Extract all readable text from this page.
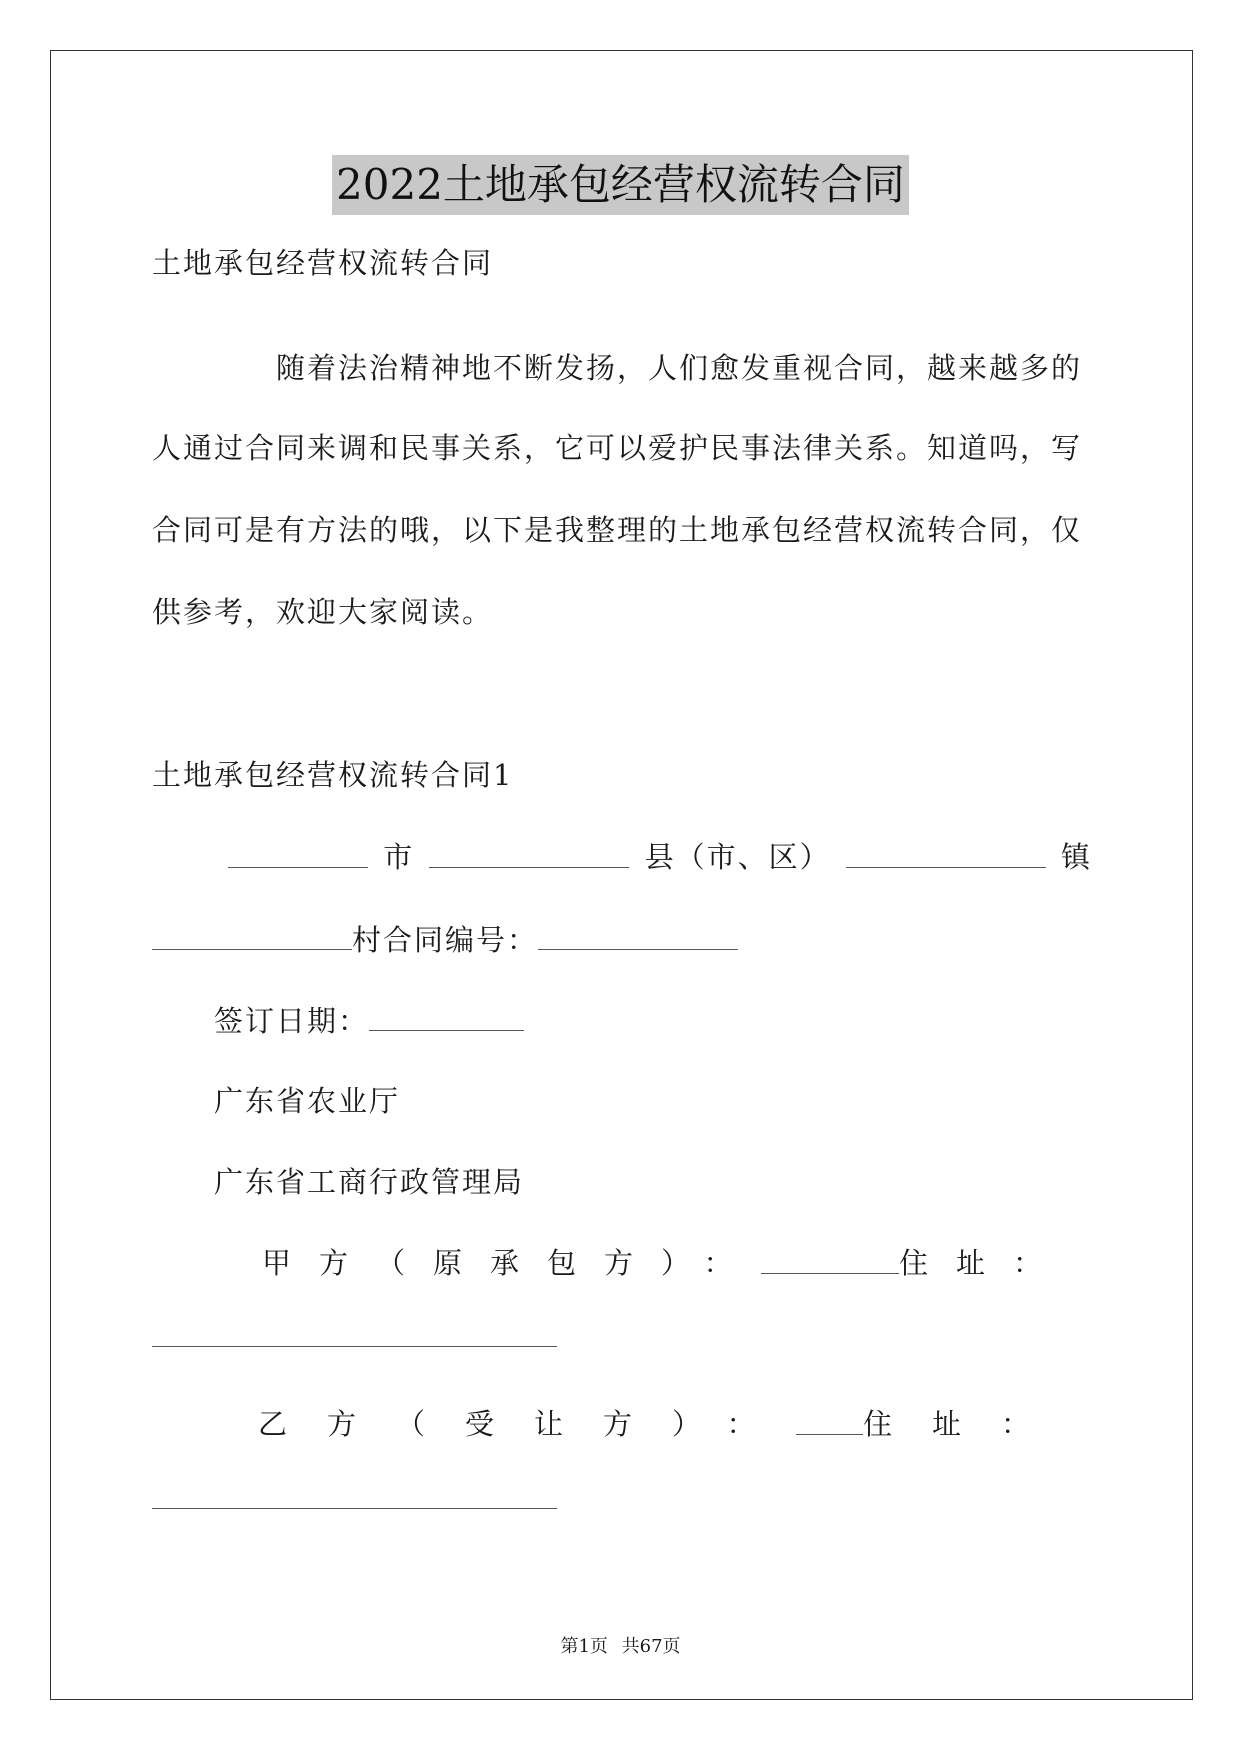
2022土地承包经营权流转合同
土地承包经营权流转合同
随着法治精神地不断发扬，人们愈发重视合同，越来越多的
人通过合同来调和民事关系，它可以爱护民事法律关系。知道吗，写
合同可是有方法的哦，以下是我整理的土地承包经营权流转合同，仅
供参考，欢迎大家阅读。
土地承包经营权流转合同1
市	县（市、区）	镇
村合同编号：
签订日期：
广东省农业厅
广东省工商行政管理局
甲方（原承包方）：	住址：
乙方（受让方）： 住址：
第1页 共67页
